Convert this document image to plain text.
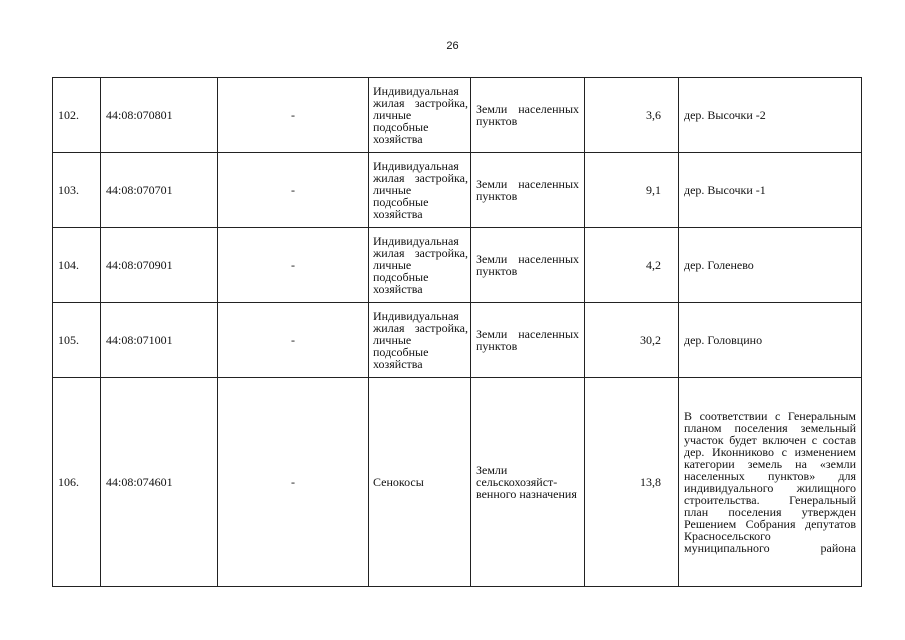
26
102.	44:08:070801	-	Индивидуальная жилая застройка, личные подсобные хозяйства	Земли населенных пунктов	3,6	дер. Высочки -2
103.	44:08:070701	-	Индивидуальная жилая застройка, личные подсобные хозяйства	Земли населенных пунктов	9,1	дер. Высочки -1
104.	44:08:070901	-	Индивидуальная жилая застройка, личные подсобные хозяйства	Земли населенных пунктов	4,2	дер. Голенево
105.	44:08:071001	-	Индивидуальная жилая застройка, личные подсобные хозяйства	Земли населенных пунктов	30,2	дер. Головцино
106.	44:08:074601	-	Сенокосы	Земли сельскохозяйст-венного назначения	13,8	В соответствии с Генеральным планом поселения земельный участок будет включен с состав дер. Иконниково с изменением категории земель на «земли населенных пунктов» для индивидуального жилищного строительства. Генеральный план поселения утвержден Решением Собрания депутатов Красносельского муниципального района
